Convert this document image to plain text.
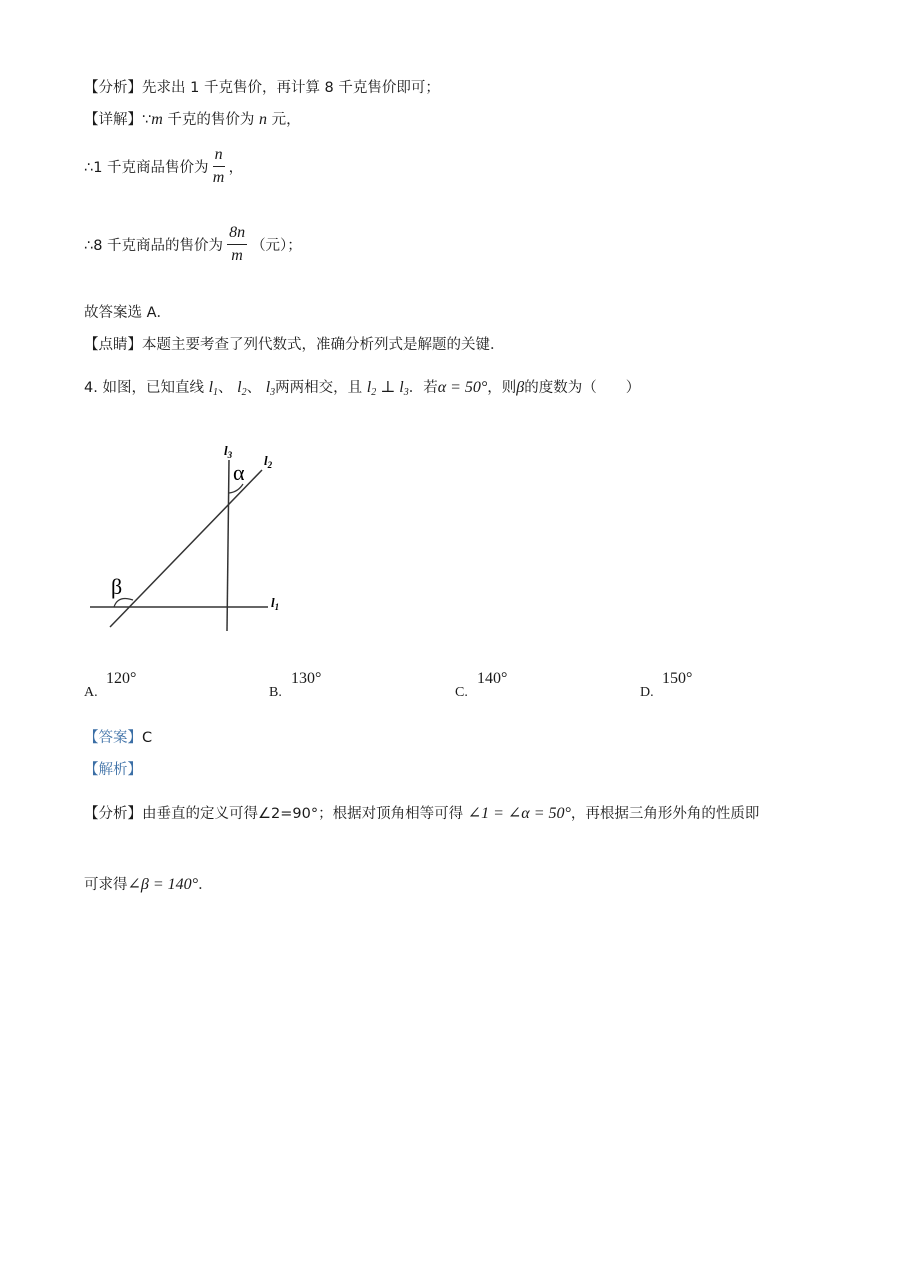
【分析】先求出 1 千克售价，再计算 8 千克售价即可；
【详解】∵m 千克的售价为 n 元，
∴1 千克商品售价为 $\frac{n}{m}$ ，
∴8 千克商品的售价为 $\frac{8n}{m}$ （元）；
故答案选 A．
【点睛】本题主要考查了列代数式，准确分析列式是解题的关键．
4. 如图，已知直线 $l_1$、 $l_2$、 $l_3$两两相交，且 $l_2$ ⊥ $l_3$．若α = 50°，则β的度数为（　　）
$l_3$ $l_2$
$l_1$
α
β
A.
120°
B.
130°
C.
140°
D.
150°
【答案】C
【解析】
【分析】由垂直的定义可得∠2=90°；根据对顶角相等可得 ∠1 = ∠α = 50°，再根据三角形外角的性质即
可求得∠β = 140°．
